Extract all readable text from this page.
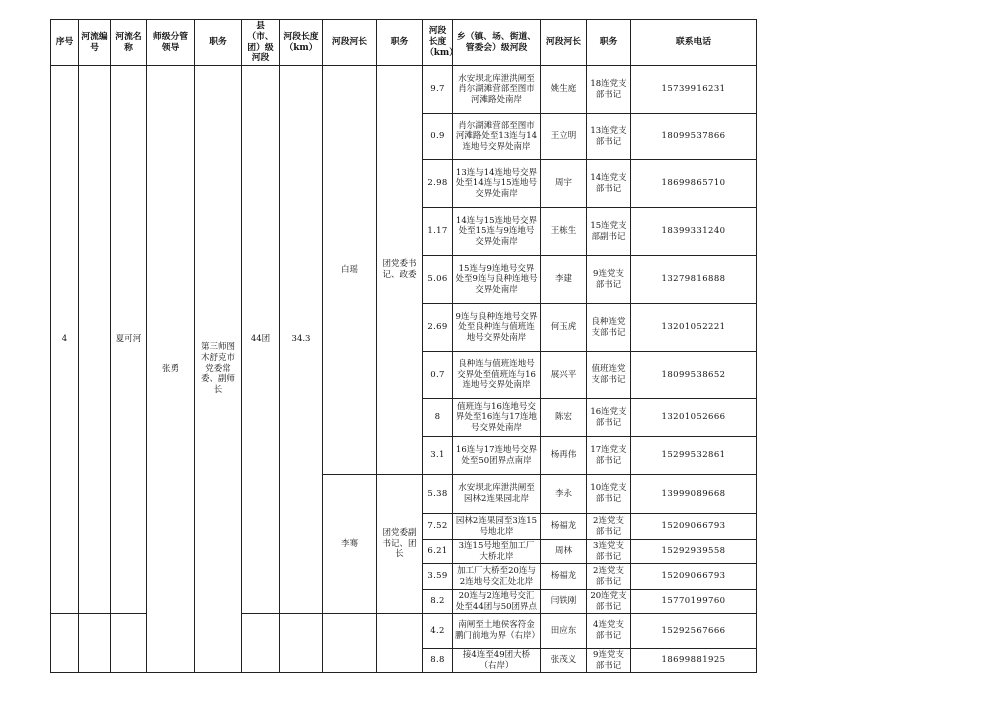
序号	河流编号	河流名称	师级分管领导	职务	县（市、团）级河段	河段长度（km）	河段河长	职务	河段长度（km）	乡（镇、场、街道、管委会）级河段	河段河长	职务	联系电话
4		夏可河	张勇	第三师图木舒克市党委常委、副师长	44团	34.3	白瑶	团党委书记、政委	9.7	水安坝北库泄洪闸至肖尔湖滩营部至图市河滩路处南岸	姚生庭	18连党支部书记	15739916231
									0.9	肖尔湖滩营部至图市河滩路处至13连与14连地号交界处南岸	王立明	13连党支部书记	18099537866
									2.98	13连与14连地号交界处至14连与15连地号交界处南岸	周宇	14连党支部书记	18699865710
									1.17	14连与15连地号交界处至15连与9连地号交界处南岸	王栋生	15连党支部副书记	18399331240
									5.06	15连与9连地号交界处至9连与良种连地号交界处南岸	李建	9连党支部书记	13279816888
									2.69	9连与良种连地号交界处至良种连与值班连地号交界处南岸	何玉虎	良种连党支部书记	13201052221
									0.7	良种连与值班连地号交界处至值班连与16连地号交界处南岸	展兴平	值班连党支部书记	18099538652
									8	值班连与16连地号交界处至16连与17连地号交界处南岸	陈宏	16连党支部书记	13201052666
									3.1	16连与17连地号交界处至50团界点南岸	杨再伟	17连党支部书记	15299532861
							李骞	团党委副书记、团长	5.38	水安坝北库泄洪闸至园林2连果园北岸	李永	10连党支部书记	13999089668
									7.52	园林2连果园至3连15号地北岸	杨福龙	2连党支部书记	15209066793
									6.21	3连15号地至加工厂大桥北岸	周林	3连党支部书记	15292939558
									3.59	加工厂大桥至20连与2连地号交汇处北岸	杨福龙	2连党支部书记	15209066793
									8.2	20连与2连地号交汇处至44团与50团界点	闫铁刚	20连党支部书记	15770199760
									4.2	南闸至土地侯客符金鹏门前地为界（右岸）	田应东	4连党支部书记	15292567666
									8.8	接4连至49团大桥（右岸）	张茂义	9连党支部书记	18699881925
